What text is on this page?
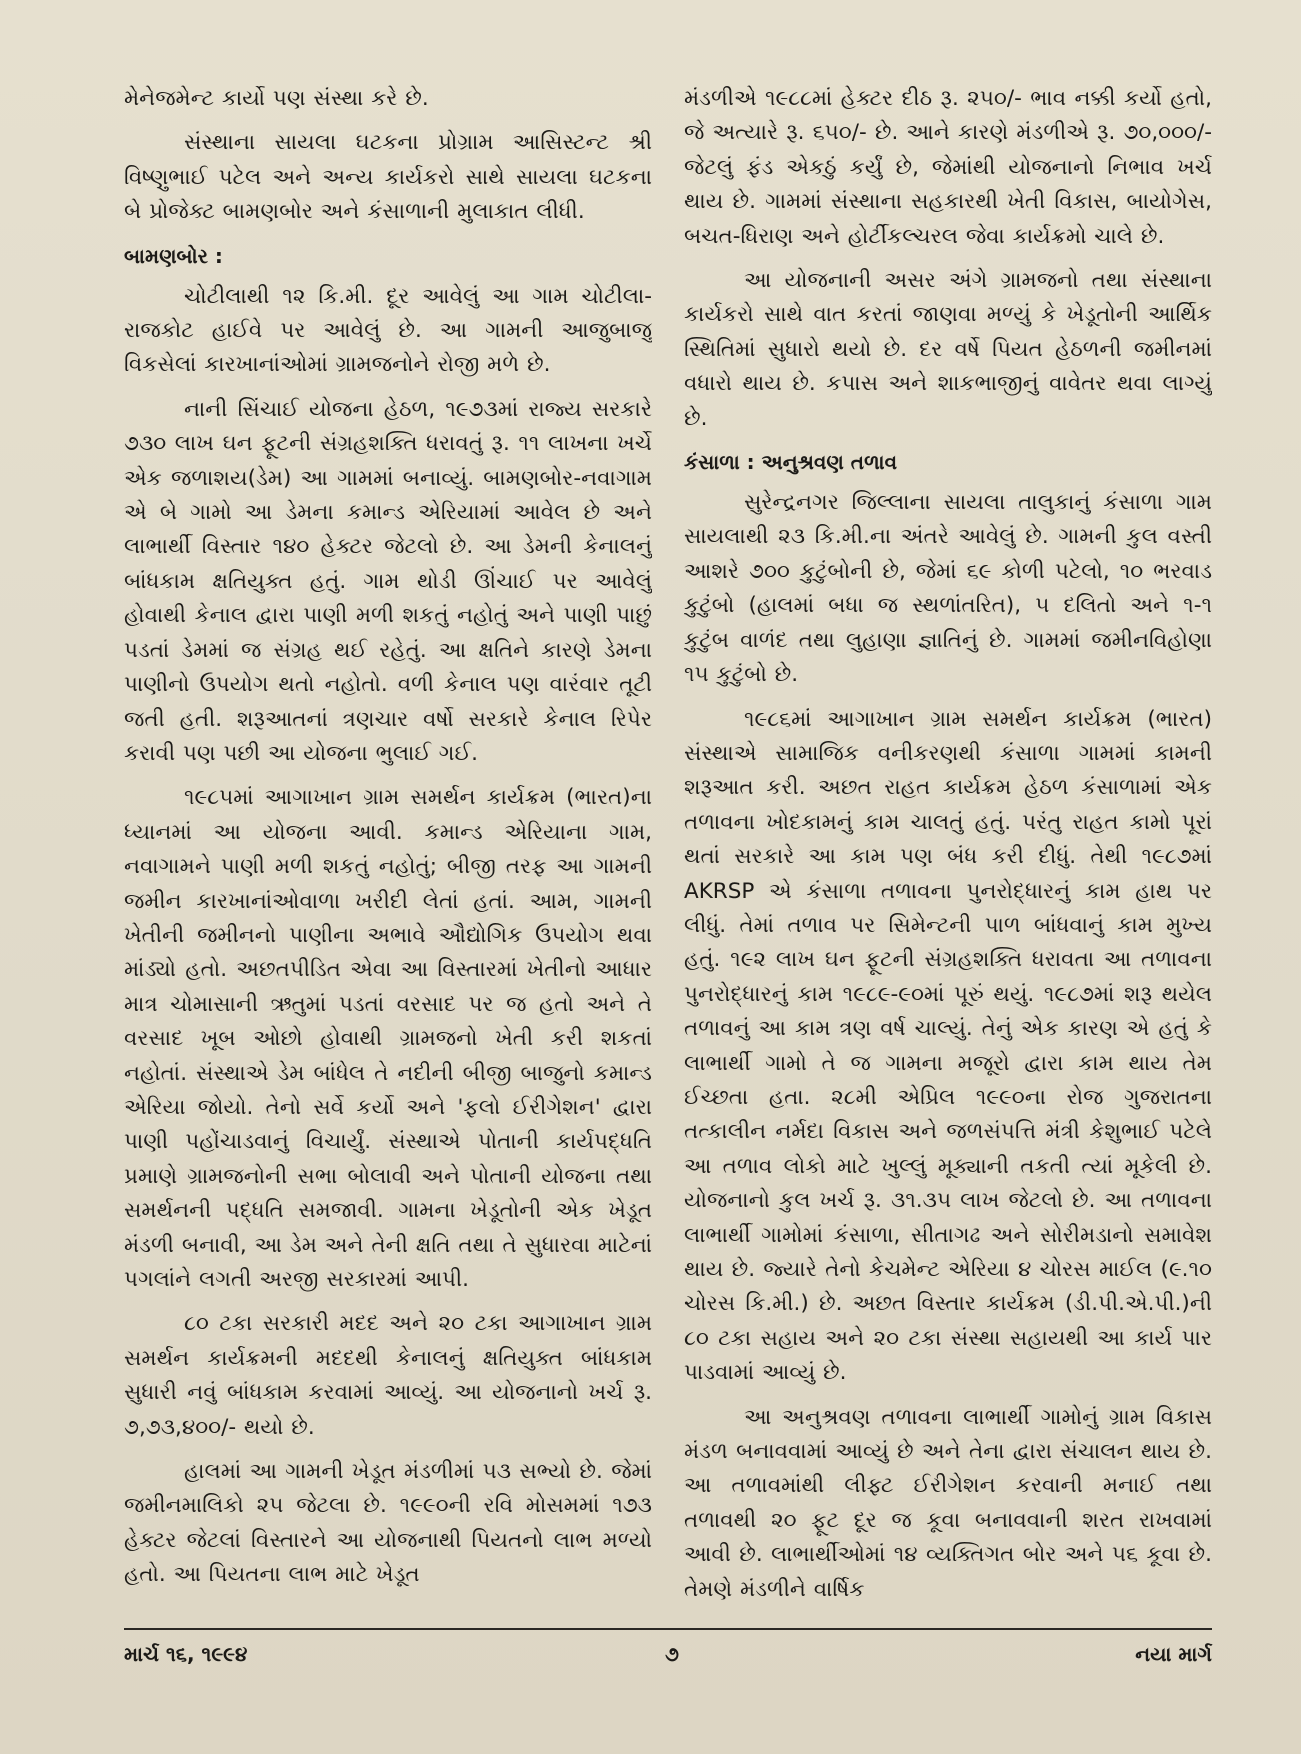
મેનેજમેન્ટ કાર્યો પણ સંસ્થા કરે છે.

સંસ્થાના સાયલા ઘટકના પ્રોગ્રામ આસિસ્ટન્ટ શ્રી વિષ્ણુભાઈ પટેલ અને અન્ય કાર્યકરો સાથે સાયલા ઘટકના બે પ્રોજેક્ટ બામણબોર અને કંસાળાની મુલાકાત લીધી.

બામણબોર :

ચોટીલાથી ૧૨ કિ.મી. દૂર આવેલું આ ગામ ચોટીલા-રાજકોટ હાઈવે પર આવેલું છે. આ ગામની આજુબાજુ વિકસેલાં કારખાનાંઓમાં ગ્રામજનોને રોજી મળે છે.

નાની સિંચાઈ યોજના હેઠળ, ૧૯૭૩માં રાજ્ય સરકારે ૭૩૦ લાખ ઘન ફૂટની સંગ્રહશક્તિ ધરાવતું રૂ. ૧૧ લાખના ખર્ચે એક જળાશય(ડેમ) આ ગામમાં બનાવ્યું. બામણબોર-નવાગામ એ બે ગામો આ ડેમના કમાન્ડ એરિયામાં આવેલ છે અને લાભાર્થી વિસ્તાર ૧૪૦ હેક્ટર જેટલો છે. આ ડેમની કેનાલનું બાંધકામ ક્ષતિયુક્ત હતું. ગામ થોડી ઊંચાઈ પર આવેલું હોવાથી કેનાલ દ્વારા પાણી મળી શકતું નહોતું અને પાણી પાછું પડતાં ડેમમાં જ સંગ્રહ થઈ રહેતું. આ ક્ષતિને કારણે ડેમના પાણીનો ઉપયોગ થતો નહોતો. વળી કેનાલ પણ વારંવાર તૂટી જતી હતી. શરૂઆતનાં ત્રણચાર વર્ષો સરકારે કેનાલ રિપેર કરાવી પણ પછી આ યોજના ભુલાઈ ગઈ.

૧૯૮૫માં આગાખાન ગ્રામ સમર્થન કાર્યક્રમ (ભારત)ના ધ્યાનમાં આ યોજના આવી. કમાન્ડ એરિયાના ગામ, નવાગામને પાણી મળી શકતું નહોતું; બીજી તરફ આ ગામની જમીન કારખાનાંઓવાળા ખરીદી લેતાં હતાં. આમ, ગામની ખેતીની જમીનનો પાણીના અભાવે ઔદ્યોગિક ઉપયોગ થવા માંડ્યો હતો. અછતપીડિત એવા આ વિસ્તારમાં ખેતીનો આધાર માત્ર ચોમાસાની ઋતુમાં પડતાં વરસાદ પર જ હતો અને તે વરસાદ ખૂબ ઓછો હોવાથી ગ્રામજનો ખેતી કરી શકતાં નહોતાં. સંસ્થાએ ડેમ બાંધેલ તે નદીની બીજી બાજુનો કમાન્ડ એરિયા જોયો. તેનો સર્વે કર્યો અને 'ફલો ઈરીગેશન' દ્વારા પાણી પહોંચાડવાનું વિચાર્યું. સંસ્થાએ પોતાની કાર્યપદ્ધતિ પ્રમાણે ગ્રામજનોની સભા બોલાવી અને પોતાની યોજના તથા સમર્થનની પદ્ધતિ સમજાવી. ગામના ખેડૂતોની એક ખેડૂત મંડળી બનાવી, આ ડેમ અને તેની ક્ષતિ તથા તે સુધારવા માટેનાં પગલાંને લગતી અરજી સરકારમાં આપી.

૮૦ ટકા સરકારી મદદ અને ૨૦ ટકા આગાખાન ગ્રામ સમર્થન કાર્યક્રમની મદદથી કેનાલનું ક્ષતિયુક્ત બાંધકામ સુધારી નવું બાંધકામ કરવામાં આવ્યું. આ યોજનાનો ખર્ચ રૂ. ૭,૭૩,૪૦૦/- થયો છે.

હાલમાં આ ગામની ખેડૂત મંડળીમાં ૫૩ સભ્યો છે. જેમાં જમીનમાલિકો ૨૫ જેટલા છે. ૧૯૯૦ની રવિ મોસમમાં ૧૭૩ હેક્ટર જેટલાં વિસ્તારને આ યોજનાથી પિયતનો લાભ મળ્યો હતો. આ પિયતના લાભ માટે ખેડૂત

મંડળીએ ૧૯૮૮માં હેક્ટર દીઠ રૂ. ૨૫૦/- ભાવ નક્કી કર્યો હતો, જે અત્યારે રૂ. ૬૫૦/- છે. આને કારણે મંડળીએ રૂ. ૭૦,૦૦૦/- જેટલું ફંડ એકઠું કર્યું છે, જેમાંથી યોજનાનો નિભાવ ખર્ચ થાય છે. ગામમાં સંસ્થાના સહકારથી ખેતી વિકાસ, બાયોગેસ, બચત-ધિરાણ અને હોર્ટીકલ્ચરલ જેવા કાર્યક્રમો ચાલે છે.

આ યોજનાની અસર અંગે ગ્રામજનો તથા સંસ્થાના કાર્યકરો સાથે વાત કરતાં જાણવા મળ્યું કે ખેડૂતોની આર્થિક સ્થિતિમાં સુધારો થયો છે. દર વર્ષે પિયત હેઠળની જમીનમાં વધારો થાય છે. કપાસ અને શાકભાજીનું વાવેતર થવા લાગ્યું છે.

કંસાળા : અનુશ્રવણ તળાવ

સુરેન્દ્રનગર જિલ્લાના સાયલા તાલુકાનું કંસાળા ગામ સાયલાથી ૨૩ કિ.મી.ના અંતરે આવેલું છે. ગામની કુલ વસ્તી આશરે ૭૦૦ કુટુંબોની છે, જેમાં ૬૯ કોળી પટેલો, ૧૦ ભરવાડ કુટુંબો (હાલમાં બધા જ સ્થળાંતરિત), ૫ દલિતો અને ૧-૧ કુટુંબ વાળંદ તથા લુહાણા જ્ઞાતિનું છે. ગામમાં જમીનવિહોણા ૧૫ કુટુંબો છે.

૧૯૮૬માં આગાખાન ગ્રામ સમર્થન કાર્યક્રમ (ભારત) સંસ્થાએ સામાજિક વનીકરણથી કંસાળા ગામમાં કામની શરૂઆત કરી. અછત રાહત કાર્યક્રમ હેઠળ કંસાળામાં એક તળાવના ખોદકામનું કામ ચાલતું હતું. પરંતુ રાહત કામો પૂરાં થતાં સરકારે આ કામ પણ બંધ કરી દીધું. તેથી ૧૯૮૭માં AKRSP એ કંસાળા તળાવના પુનરોદ્ધારનું કામ હાથ પર લીધું. તેમાં તળાવ પર સિમેન્ટની પાળ બાંધવાનું કામ મુખ્ય હતું. ૧૯૨ લાખ ઘન ફૂટની સંગ્રહશક્તિ ધરાવતા આ તળાવના પુનરોદ્ધારનું કામ ૧૯૮૯-૯૦માં પૂરું થયું. ૧૯૮૭માં શરૂ થયેલ તળાવનું આ કામ ત્રણ વર્ષ ચાલ્યું. તેનું એક કારણ એ હતું કે લાભાર્થી ગામો તે જ ગામના મજૂરો દ્વારા કામ થાય તેમ ઈચ્છતા હતા. ૨૮મી એપ્રિલ ૧૯૯૦ના રોજ ગુજરાતના તત્કાલીન નર્મદા વિકાસ અને જળસંપત્તિ મંત્રી કેશુભાઈ પટેલે આ તળાવ લોકો માટે ખુલ્લું મૂક્યાની તકતી ત્યાં મૂકેલી છે. યોજનાનો કુલ ખર્ચ રૂ. ૩૧.૩૫ લાખ જેટલો છે. આ તળાવના લાભાર્થી ગામોમાં કંસાળા, સીતાગઢ અને સોરીમડાનો સમાવેશ થાય છે. જ્યારે તેનો કેચમેન્ટ એરિયા ૪ ચોરસ માઈલ (૯.૧૦ ચોરસ કિ.મી.) છે. અછત વિસ્તાર કાર્યક્રમ (ડી.પી.એ.પી.)ની ૮૦ ટકા સહાય અને ૨૦ ટકા સંસ્થા સહાયથી આ કાર્ય પાર પાડવામાં આવ્યું છે.

આ અનુશ્રવણ તળાવના લાભાર્થી ગામોનું ગ્રામ વિકાસ મંડળ બનાવવામાં આવ્યું છે અને તેના દ્વારા સંચાલન થાય છે. આ તળાવમાંથી લીફ્ટ ઈરીગેશન કરવાની મનાઈ તથા તળાવથી ૨૦ ફૂટ દૂર જ કૂવા બનાવવાની શરત રાખવામાં આવી છે. લાભાર્થીઓમાં ૧૪ વ્યક્તિગત બોર અને ૫૬ કૂવા છે. તેમણે મંડળીને વાર્ષિક

માર્ચ ૧૬, ૧૯૯૪	૭	નયા માર્ગ
